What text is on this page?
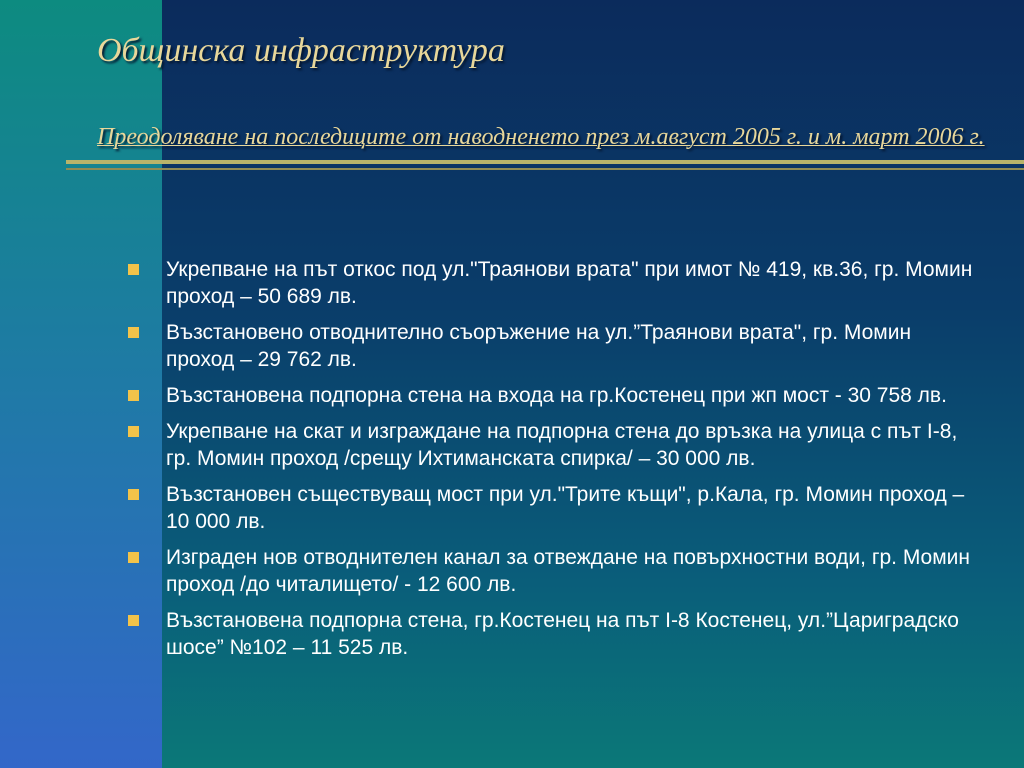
Общинска инфраструктура
Преодоляване на последиците от наводненето през м.август 2005 г. и м. март 2006 г.
Укрепване на път откос под ул."Траянови врата" при имот № 419, кв.36, гр. Момин проход – 50 689 лв.
Възстановено отводнително съоръжение на ул.”Траянови врата", гр. Момин проход – 29 762 лв.
Възстановена подпорна стена на входа на гр.Костенец при жп мост - 30 758 лв.
Укрепване на скат и изграждане на подпорна стена до връзка на улица с път І-8, гр. Момин проход /срещу Ихтиманската спирка/ – 30 000 лв.
Възстановен съществуващ мост при ул."Трите къщи", р.Кала, гр. Момин проход – 10 000 лв.
Изграден нов отводнителен канал за отвеждане на повърхностни води, гр. Момин проход /до читалището/ - 12 600 лв.
Възстановена подпорна стена, гр.Костенец на път І-8 Костенец, ул.”Цариградско шосе” №102 – 11 525 лв.
